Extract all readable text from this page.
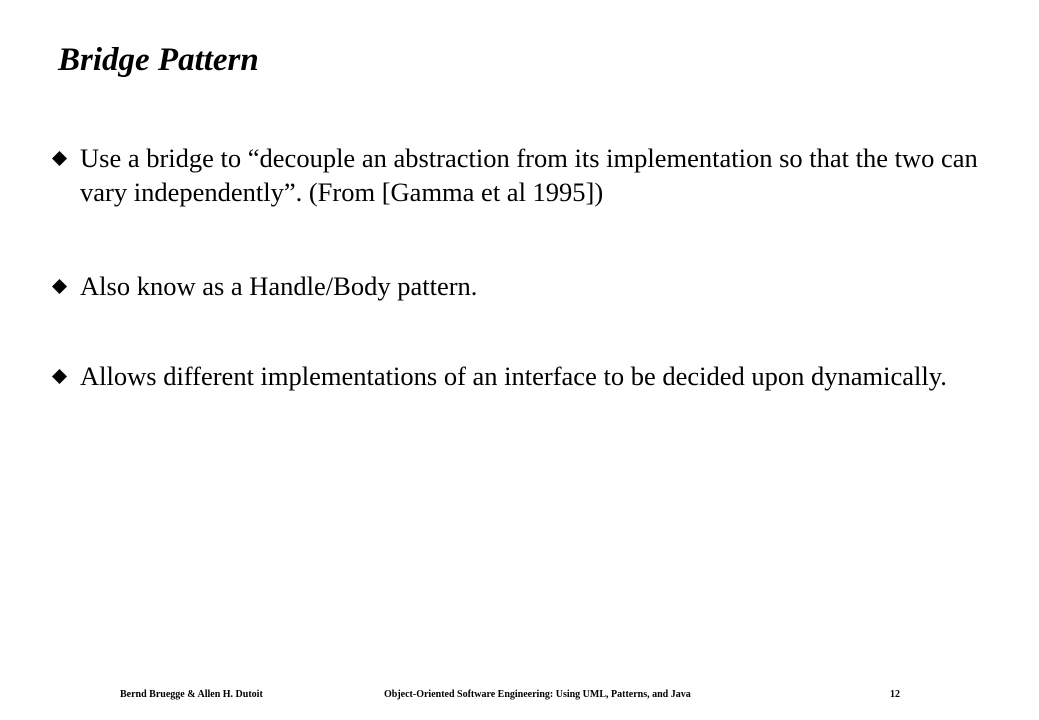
Bridge Pattern
Use a bridge to “decouple an abstraction from its implementation so that the two can vary independently”. (From [Gamma et al 1995])
Also know as a Handle/Body pattern.
Allows different implementations of an interface to be decided upon dynamically.
Bernd Bruegge & Allen H. Dutoit	Object-Oriented Software Engineering: Using UML, Patterns, and Java	12
